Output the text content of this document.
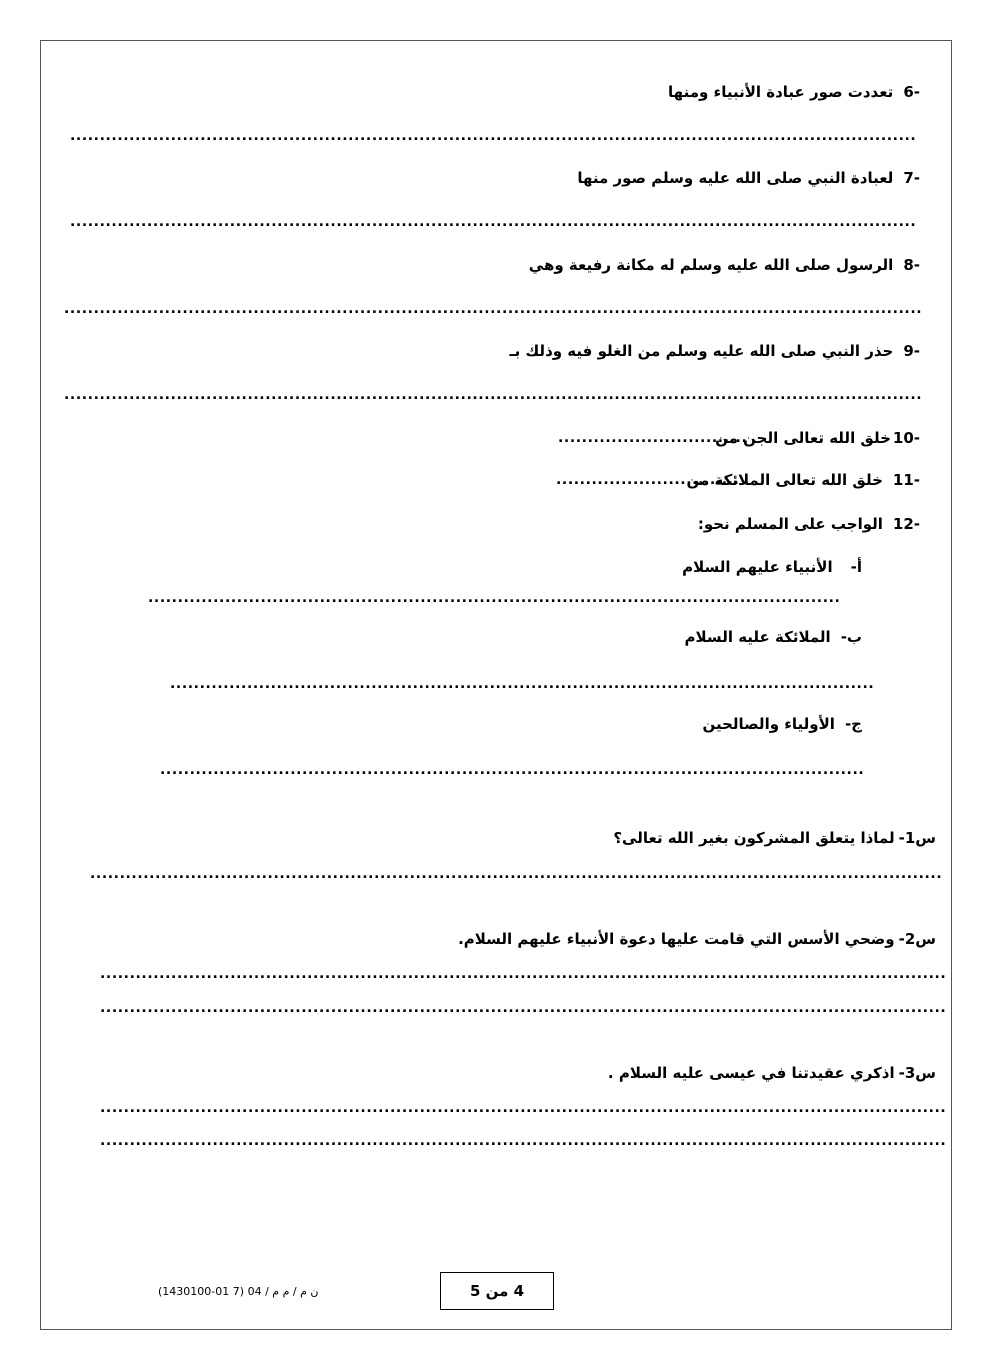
-6تعددت صور عبادة الأنبياء ومنها
...............................................................................................................................................
-7لعبادة النبي صلى الله عليه وسلم صور منها
...............................................................................................................................................
-8الرسول صلى الله عليه وسلم له مكانة رفيعة وهي
.................................................................................................................................................
-9حذر النبي صلى الله عليه وسلم من الغلو فيه وذلك بـ
.................................................................................................................................................
-10خلق الله تعالى الجن من
................................
-11خلق الله تعالى الملائكة من
...............................
-12الواجب على المسلم نحو:
أ-الأنبياء عليهم السلام
.....................................................................................................................
ب-الملائكة عليه السلام
.......................................................................................................................
ج-الأولياء والصالحين
.......................................................................................................................
س1-لماذا يتعلق المشركون بغير الله تعالى؟
................................................................................................................................................
س2-وضحي الأسس التي قامت عليها دعوة الأنبياء عليهم السلام.
...............................................................................................................................................
...............................................................................................................................................
س3-اذكري عقيدتنا في عيسى عليه السلام .
...............................................................................................................................................
...............................................................................................................................................
ن م / م م / 04 (7 01-1430100)	4 من 5
